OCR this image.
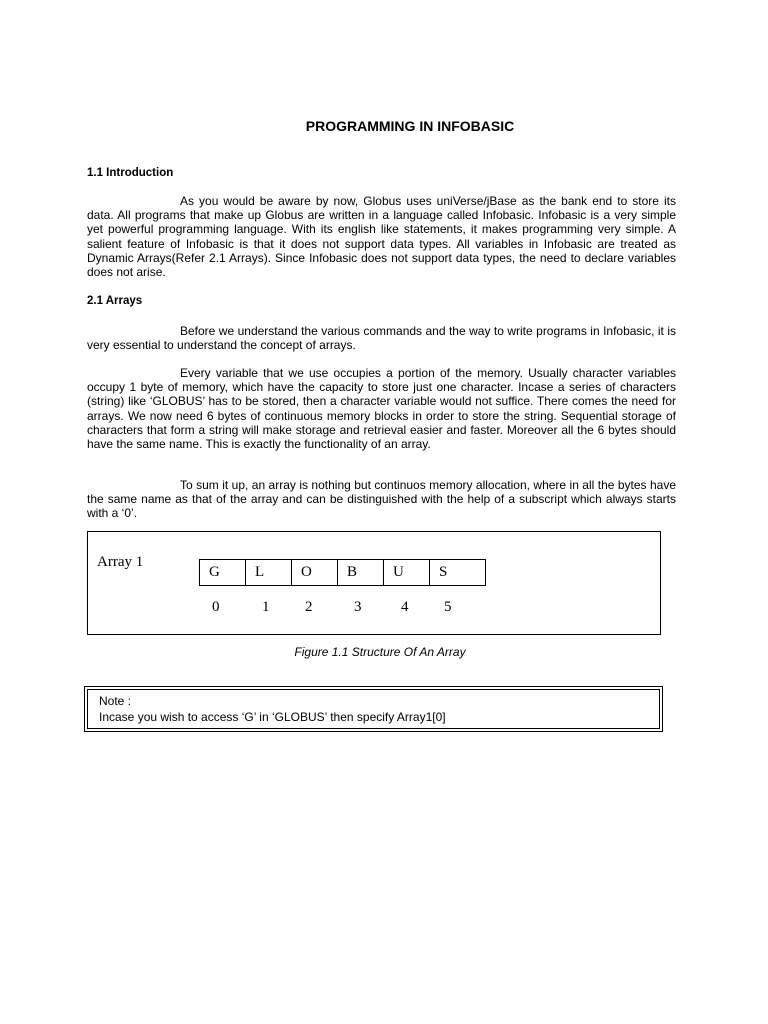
PROGRAMMING IN INFOBASIC
1.1 Introduction

As you would be aware by now, Globus uses uniVerse/jBase as the bank end to store its data. All programs that make up Globus are written in a language called Infobasic. Infobasic is a very simple yet powerful programming language. With its english like statements, it makes programming very simple. A salient feature of Infobasic is that it does not support data types. All variables in Infobasic are treated as Dynamic Arrays(Refer 2.1 Arrays). Since Infobasic does not support data types, the need to declare variables does not arise.

2.1 Arrays

Before we understand the various commands and the way to write programs in Infobasic, it is very essential to understand the concept of arrays.

Every variable that we use occupies a portion of the memory. Usually character variables occupy 1 byte of memory, which have the capacity to store just one character. Incase a series of characters (string) like ‘GLOBUS’ has to be stored, then a character variable would not suffice. There comes the need for arrays. We now need 6 bytes of continuous memory blocks in order to store the string. Sequential storage of characters that form a string will make storage and retrieval easier and faster. Moreover all the 6 bytes should have the same name. This is exactly the functionality of an array.

To sum it up, an array is nothing but continuos memory allocation, where in all the bytes have the same name as that of the array and can be distinguished with the help of a subscript which always starts with a ‘0’.

Array 1
G	L	O	B	U	S
0	1 2	3	4 5
Figure 1.1 Structure Of An Array
Note :
Incase you wish to access ‘G’ in ‘GLOBUS’ then specify Array1[0]
